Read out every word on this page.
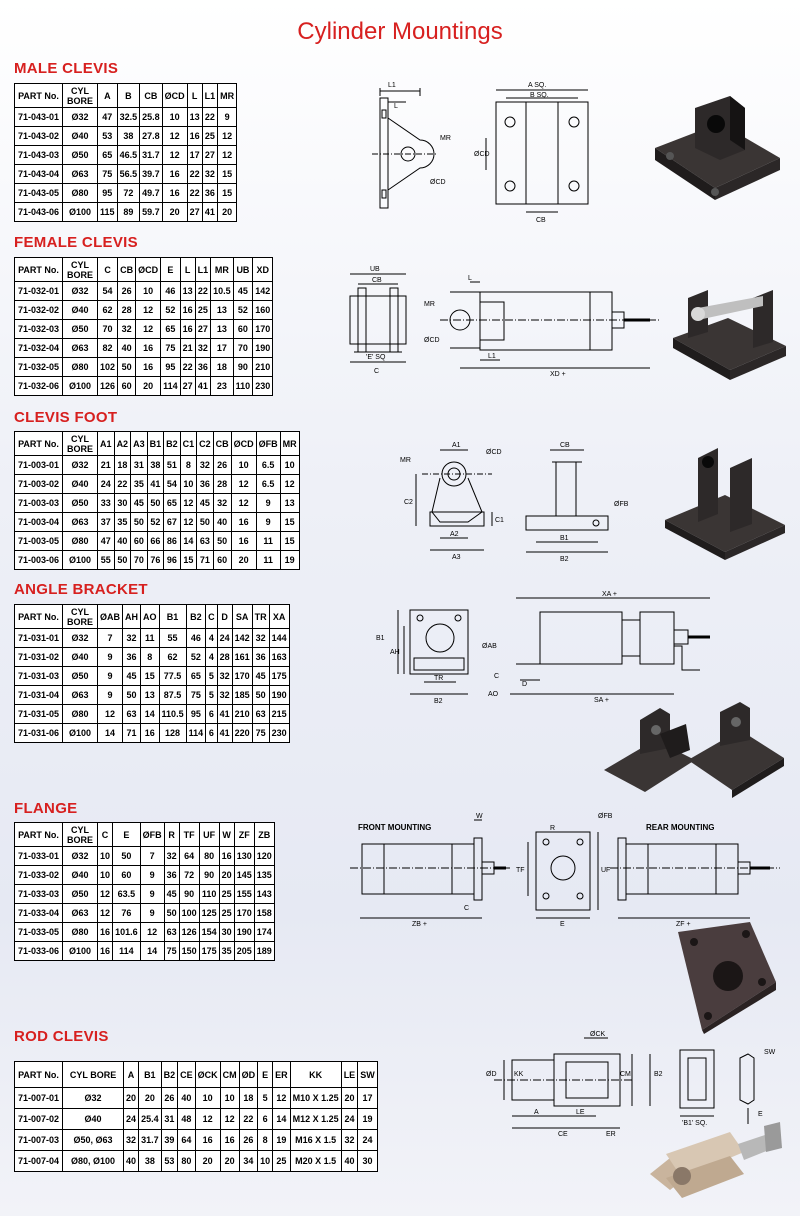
Cylinder Mountings
MALE CLEVIS
PART No.	CYL BORE	A	B	CB	ØCD	L	L1	MR
71-043-01	Ø32	47	32.5	25.8	10	13	22	9
71-043-02	Ø40	53	38	27.8	12	16	25	12
71-043-03	Ø50	65	46.5	31.7	12	17	27	12
71-043-04	Ø63	75	56.5	39.7	16	22	32	15
71-043-05	Ø80	95	72	49.7	16	22	36	15
71-043-06	Ø100	115	89	59.7	20	27	41	20
L1
L
MR
ØCD
A SQ.
B SQ.
CB
ØCD
FEMALE CLEVIS
PART No.	CYL BORE	C	CB	ØCD	E	L	L1	MR	UB	XD
71-032-01	Ø32	54	26	10	46	13	22	10.5	45	142
71-032-02	Ø40	62	28	12	52	16	25	13	52	160
71-032-03	Ø50	70	32	12	65	16	27	13	60	170
71-032-04	Ø63	82	40	16	75	21	32	17	70	190
71-032-05	Ø80	102	50	16	95	22	36	18	90	210
71-032-06	Ø100	126	60	20	114	27	41	23	110	230
UB
CB
'E' SQ
C
MR
ØCD
L
L1
XD +
CLEVIS FOOT
PART No.	CYL BORE	A1	A2	A3	B1	B2	C1	C2	CB	ØCD	ØFB	MR
71-003-01	Ø32	21	18	31	38	51	8	32	26	10	6.5	10
71-003-02	Ø40	24	22	35	41	54	10	36	28	12	6.5	12
71-003-03	Ø50	33	30	45	50	65	12	45	32	12	9	13
71-003-04	Ø63	37	35	50	52	67	12	50	40	16	9	15
71-003-05	Ø80	47	40	60	66	86	14	63	50	16	11	15
71-003-06	Ø100	55	50	70	76	96	15	71	60	20	11	19
MR
A1
ØCD
C2
C1
A2
A3
CB
ØFB
B1
B2
ANGLE BRACKET
PART No.	CYL BORE	ØAB	AH	AO	B1	B2	C	D	SA	TR	XA
71-031-01	Ø32	7	32	11	55	46	4	24	142	32	144
71-031-02	Ø40	9	36	8	62	52	4	28	161	36	163
71-031-03	Ø50	9	45	15	77.5	65	5	32	170	45	175
71-031-04	Ø63	9	50	13	87.5	75	5	32	185	50	190
71-031-05	Ø80	12	63	14	110.5	95	6	41	210	63	215
71-031-06	Ø100	14	71	16	128	114	6	41	220	75	230
B1
AH
TR
B2
XA +
ØAB
C
D
AO
SA +
FLANGE
PART No.	CYL BORE	C	E	ØFB	R	TF	UF	W	ZF	ZB
71-033-01	Ø32	10	50	7	32	64	80	16	130	120
71-033-02	Ø40	10	60	9	36	72	90	20	145	135
71-033-03	Ø50	12	63.5	9	45	90	110	25	155	143
71-033-04	Ø63	12	76	9	50	100	125	25	170	158
71-033-05	Ø80	16	101.6	12	63	126	154	30	190	174
71-033-06	Ø100	16	114	14	75	150	175	35	205	189
FRONT MOUNTING	REAR MOUNTING
W
ZB +
C
ØFB
TF
R
UF
E	ZF +
ROD CLEVIS
PART No.	CYL BORE	A	B1	B2	CE	ØCK	CM	ØD	E	ER	KK	LE	SW
71-007-01	Ø32	20	20	26	40	10	10	18	5	12	M10 X 1.25	20	17
71-007-02	Ø40	24	25.4	31	48	12	12	22	6	14	M12 X 1.25	24	19
71-007-03	Ø50, Ø63	32	31.7	39	64	16	16	26	8	19	M16 X 1.5	32	24
71-007-04	Ø80, Ø100	40	38	53	80	20	20	34	10	25	M20 X 1.5	40	30
ØCK
ØD	KK	CM	B2
A	LE
CE	ER
'B1' SQ.
SW
E
